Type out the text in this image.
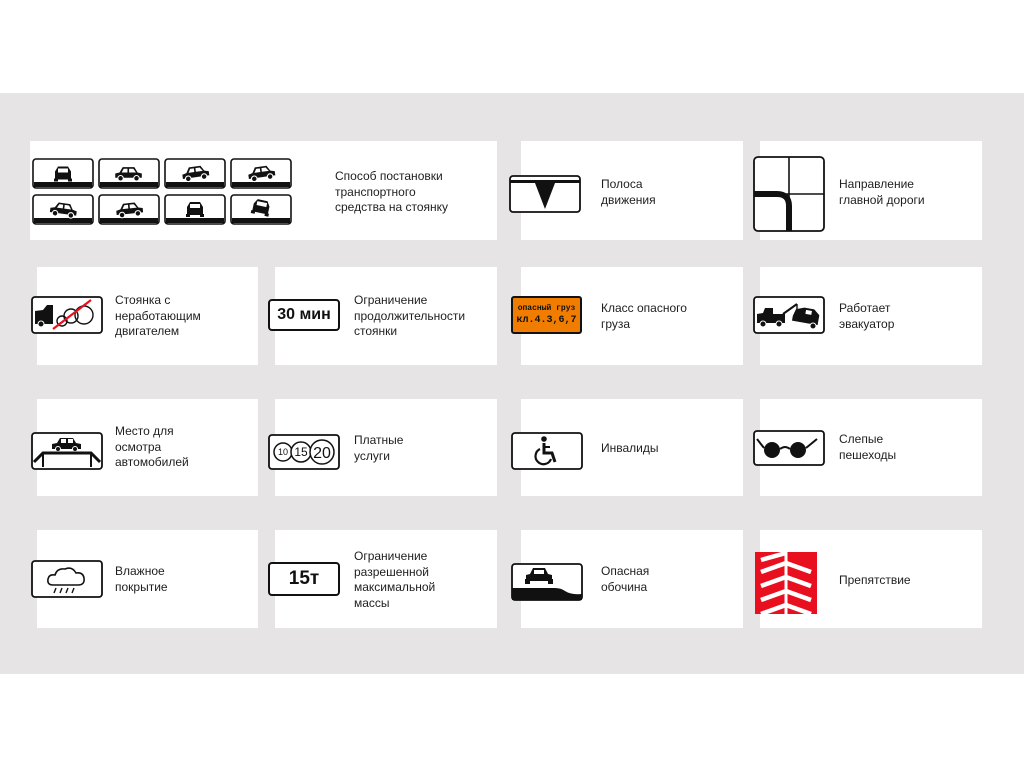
Способ постановки
транспортного
средства на стоянку
Полоса
движения
Направление
главной дороги
Стоянка с
неработающим
двигателем
30 мин
Ограничение
продолжительности
стоянки
опасный груз
кл.4.3,6,7
Класс опасного
груза
Работает
эвакуатор
Место для
осмотра
автомобилей
10 15 20
Платные
услуги
Инвалиды
Слепые
пешеходы
Влажное
покрытие	15т
Ограничение
разрешенной
максимальной
массы
Опасная
обочина	Препятствие
